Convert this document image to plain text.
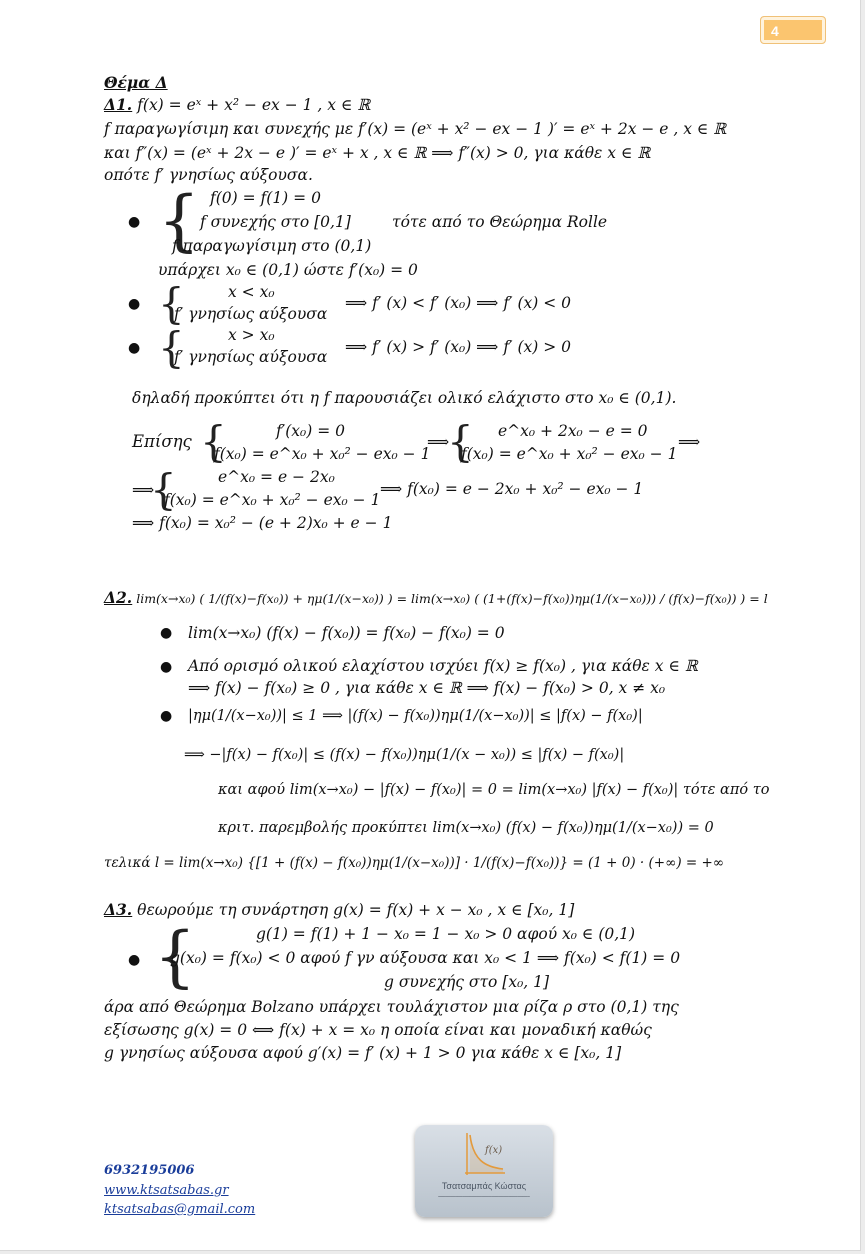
4
Θέμα Δ
Δ1. f(x) = eˣ + x² − ex − 1 , x ∈ ℝ
f παραγωγίσιμη και συνεχής με f′(x) = (eˣ + x² − ex − 1 )′ = eˣ + 2x − e , x ∈ ℝ
και f″(x) = (eˣ + 2x − e )′ = eˣ + x , x ∈ ℝ ⟹ f″(x) > 0, για κάθε x ∈ ℝ
οπότε f′ γνησίως αύξουσα.
● { f(0) = f(1) = 0
f συνεχής στο [0,1]	τότε από το Θεώρημα Rolle
f παραγωγίσιμη στο (0,1)
υπάρχει x₀ ∈ (0,1) ώστε f′(x₀) = 0
● {	x < x₀
f′ γνησίως αύξουσα
⟹ f′ (x) < f′ (x₀) ⟹ f′ (x) < 0
● {	x > x₀
f′ γνησίως αύξουσα
⟹ f′ (x) > f′ (x₀) ⟹ f′ (x) > 0
δηλαδή προκύπτει ότι η f παρουσιάζει ολικό ελάχιστο στο x₀ ∈ (0,1).
Επίσης {	f′(x₀) = 0
f(x₀) = e^x₀ + x₀² − ex₀ − 1
⟹
{ e^x₀ + 2x₀ − e = 0
f(x₀) = e^x₀ + x₀² − ex₀ − 1
⟹
⟹
{	e^x₀ = e − 2x₀
f(x₀) = e^x₀ + x₀² − ex₀ − 1
⟹ f(x₀) = e − 2x₀ + x₀² − ex₀ − 1
⟹ f(x₀) = x₀² − (e + 2)x₀ + e − 1
Δ2. lim(x→x₀) ( 1/(f(x)−f(x₀)) + ημ(1/(x−x₀)) ) = lim(x→x₀) ( (1+(f(x)−f(x₀))ημ(1/(x−x₀))) / (f(x)−f(x₀)) ) = l
● lim(x→x₀) (f(x) − f(x₀)) = f(x₀) − f(x₀) = 0
● Από ορισμό ολικού ελαχίστου ισχύει f(x) ≥ f(x₀) , για κάθε x ∈ ℝ
⟹ f(x) − f(x₀) ≥ 0 , για κάθε x ∈ ℝ ⟹ f(x) − f(x₀) > 0, x ≠ x₀
● |ημ(1/(x−x₀))| ≤ 1 ⟹ |(f(x) − f(x₀))ημ(1/(x−x₀))| ≤ |f(x) − f(x₀)|
⟹ −|f(x) − f(x₀)| ≤ (f(x) − f(x₀))ημ(1/(x − x₀)) ≤ |f(x) − f(x₀)|
και αφού lim(x→x₀) − |f(x) − f(x₀)| = 0 = lim(x→x₀) |f(x) − f(x₀)| τότε από το
κριτ. παρεμβολής προκύπτει lim(x→x₀) (f(x) − f(x₀))ημ(1/(x−x₀)) = 0
τελικά l = lim(x→x₀) {[1 + (f(x) − f(x₀))ημ(1/(x−x₀))] · 1/(f(x)−f(x₀))} = (1 + 0) · (+∞) = +∞
Δ3. θεωρούμε τη συνάρτηση g(x) = f(x) + x − x₀ , x ∈ [x₀, 1]
● {	g(1) = f(1) + 1 − x₀ = 1 − x₀ > 0 αφού x₀ ∈ (0,1)
g(x₀) = f(x₀) < 0 αφού f γν αύξουσα και x₀ < 1 ⟹ f(x₀) < f(1) = 0
g συνεχής στο [x₀, 1]
άρα από Θεώρημα Bolzano υπάρχει τουλάχιστον μια ρίζα ρ στο (0,1) της
εξίσωσης g(x) = 0 ⟺ f(x) + x = x₀ η οποία είναι και μοναδική καθώς
g γνησίως αύξουσα αφού g′(x) = f′ (x) + 1 > 0 για κάθε x ∈ [x₀, 1]
6932195006
www.ktsatsabas.gr
ktsatsabas@gmail.com
f(x)
Τσατσαμπάς Κώστας
━━━━━━━━━━━━━━━━━━━━━━━━━━━━━━━━━━━━━━
